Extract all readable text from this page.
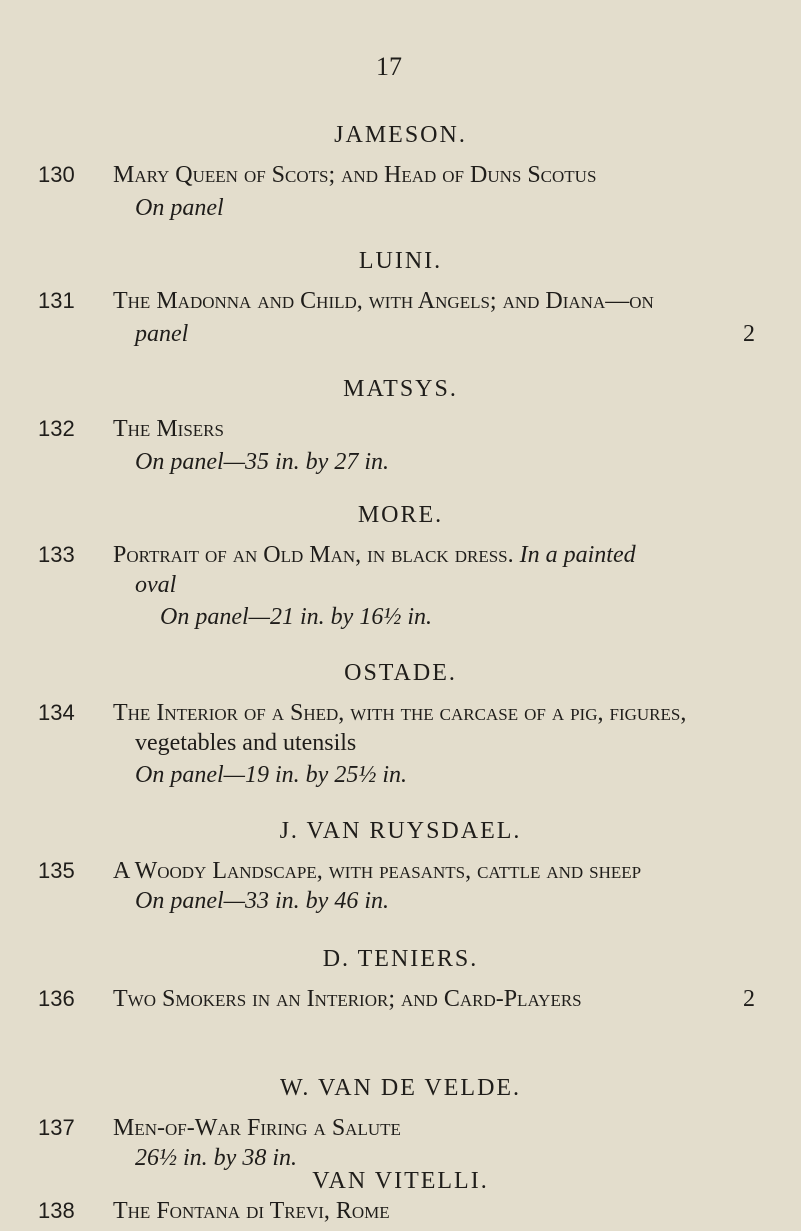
17
JAMESON.
130 Mary Queen of Scots; and Head of Duns Scotus
On panel
LUINI.
131 The Madonna and Child, with Angels; and Diana—on
panel	2
MATSYS.
132 The Misers
On panel—35 in. by 27 in.
MORE.
133 Portrait of an Old Man, in black dress. In a painted
oval
On panel—21 in. by 16½ in.
OSTADE.
134 The Interior of a Shed, with the carcase of a pig, figures,
vegetables and utensils
On panel—19 in. by 25½ in.
J. VAN RUYSDAEL.
135 A Woody Landscape, with peasants, cattle and sheep
On panel—33 in. by 46 in.
D. TENIERS.
136 Two Smokers in an Interior; and Card-Players	2
W. VAN DE VELDE.
137 Men-of-War Firing a Salute
26½ in. by 38 in.
VAN VITELLI.
138 The Fontana di Trevi, Rome
